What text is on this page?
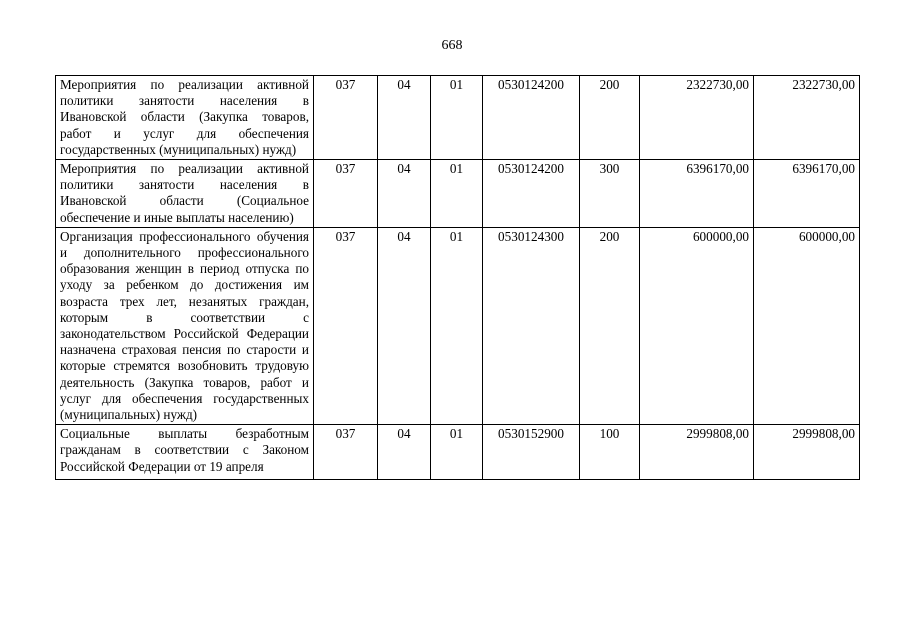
668
Мероприятия по реализации активной политики занятости населения в Ивановской области (Закупка товаров, работ и услуг для обеспечения государственных (муниципальных) нужд)	037	04	01	0530124200	200	2322730,00	2322730,00
Мероприятия по реализации активной политики занятости населения в Ивановской области (Социальное обеспечение и иные выплаты населению)	037	04	01	0530124200	300	6396170,00	6396170,00
Организация профессионального обучения и дополнительного профессионального образования женщин в период отпуска по уходу за ребенком до достижения им возраста трех лет, незанятых граждан, которым в соответствии с законодательством Российской Федерации назначена страховая пенсия по старости и которые стремятся возобновить трудовую деятельность (Закупка товаров, работ и услуг для обеспечения государственных (муниципальных) нужд)	037	04	01	0530124300	200	600000,00	600000,00
Социальные выплаты безработным гражданам в соответствии с Законом Российской Федерации от 19 апреля	037	04	01	0530152900	100	2999808,00	2999808,00
